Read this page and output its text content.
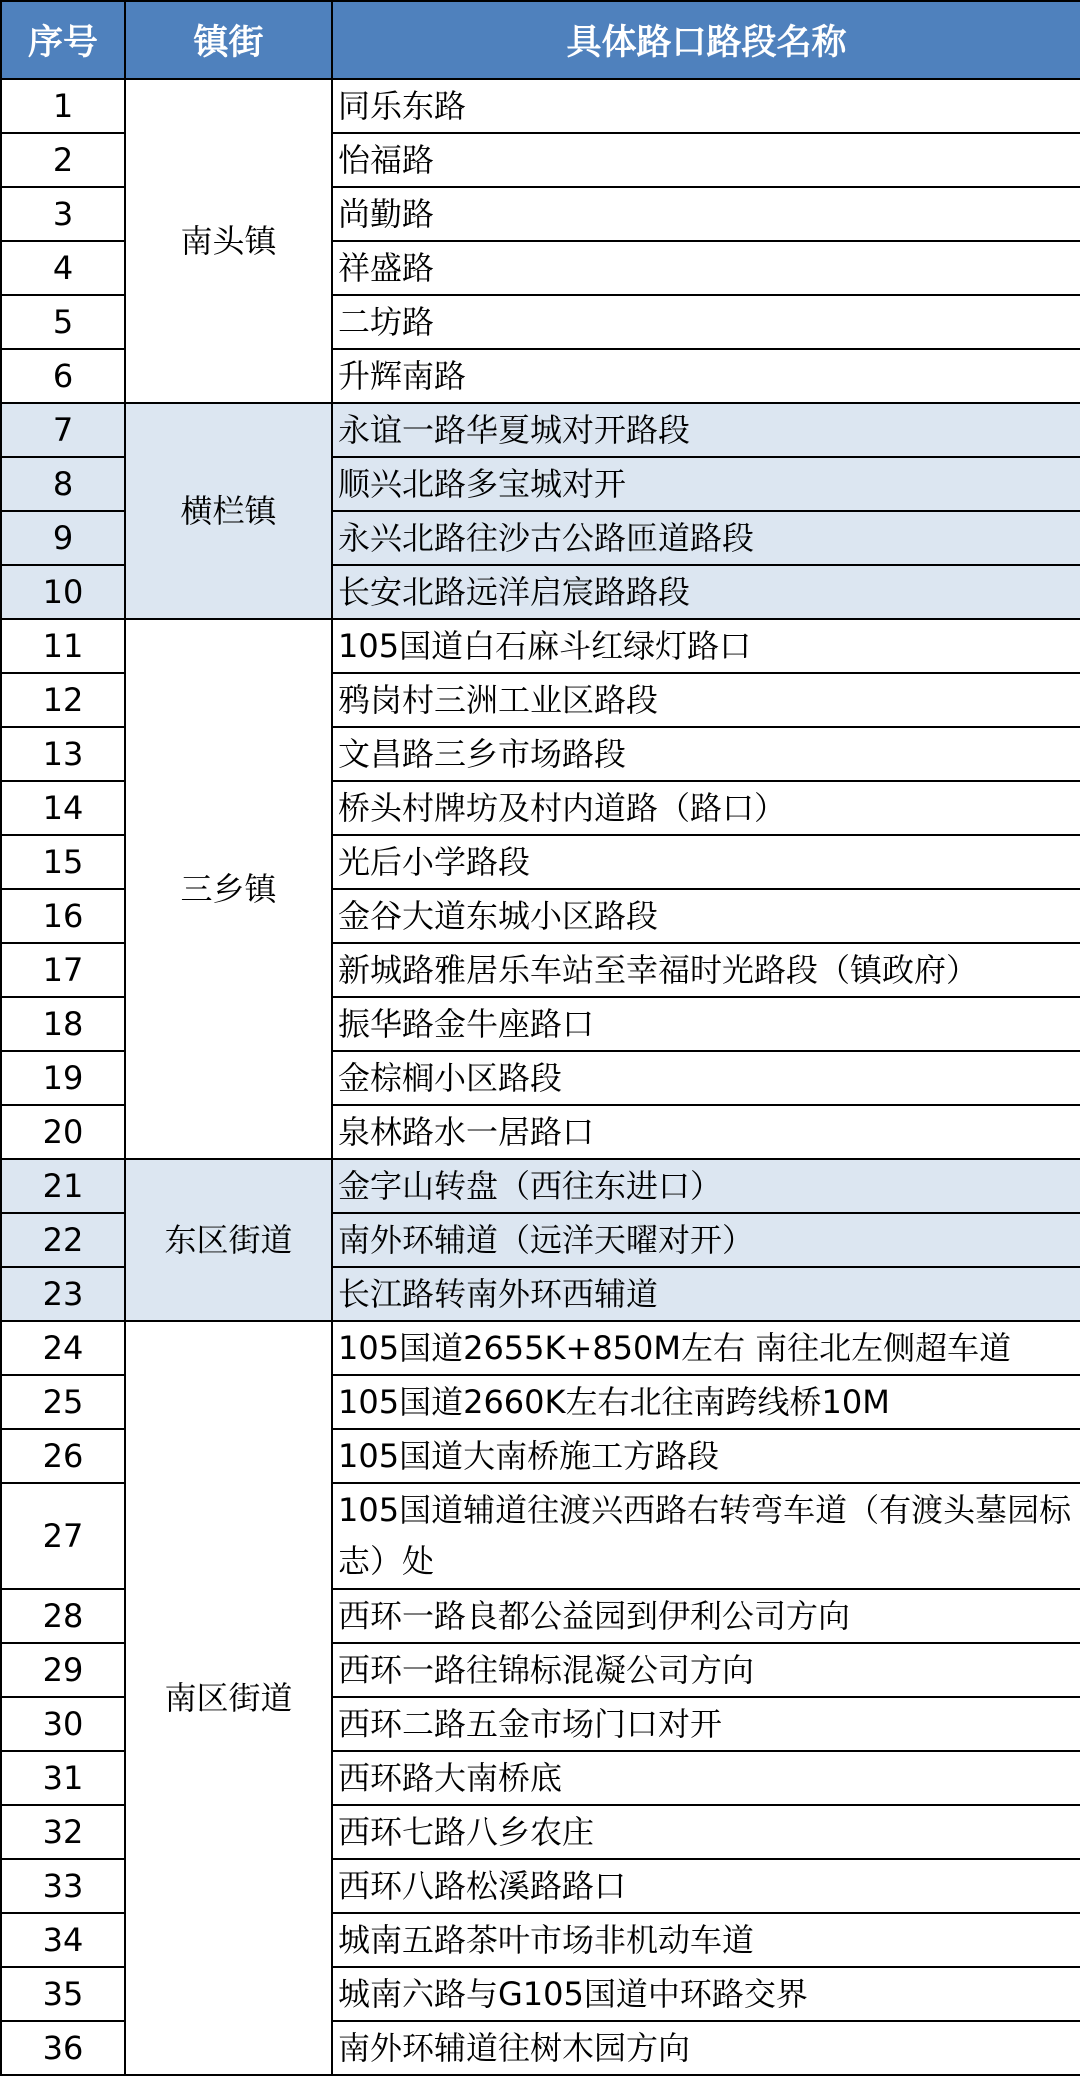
序号	镇街	具体路口路段名称
1	南头镇	同乐东路
2		怡福路
3		尚勤路
4		祥盛路
5		二坊路
6		升辉南路
7	横栏镇	永谊一路华夏城对开路段
8		顺兴北路多宝城对开
9		永兴北路往沙古公路匝道路段
10		长安北路远洋启宸路路段
11	三乡镇	105国道白石麻斗红绿灯路口
12		鸦岗村三洲工业区路段
13		文昌路三乡市场路段
14		桥头村牌坊及村内道路（路口）
15		光后小学路段
16		金谷大道东城小区路段
17		新城路雅居乐车站至幸福时光路段（镇政府）
18		振华路金牛座路口
19		金棕榈小区路段
20		泉林路水一居路口
21	东区街道	金字山转盘（西往东进口）
22		南外环辅道（远洋天曜对开）
23		长江路转南外环西辅道
24	南区街道	105国道2655K+850M左右 南往北左侧超车道
25		105国道2660K左右北往南跨线桥10M
26		105国道大南桥施工方路段
27		105国道辅道往渡兴西路右转弯车道（有渡头墓园标志）处
28		西环一路良都公益园到伊利公司方向
29		西环一路往锦标混凝公司方向
30		西环二路五金市场门口对开
31		西环路大南桥底
32		西环七路八乡农庄
33		西环八路松溪路路口
34		城南五路茶叶市场非机动车道
35		城南六路与G105国道中环路交界
36		南外环辅道往树木园方向
